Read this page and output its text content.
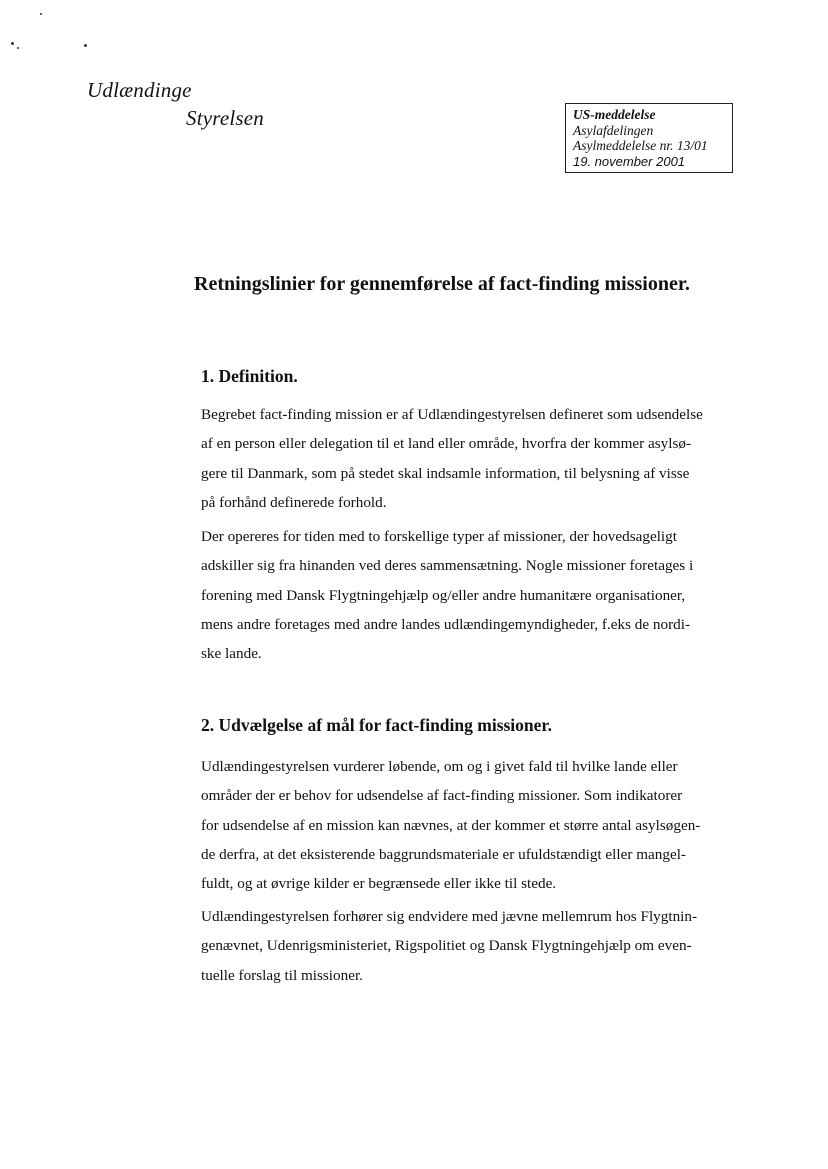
Udlændinge
Styrelsen	US-meddelelse
Asylafdelingen
Asylmeddelelse nr. 13/01
19. november 2001
Retningslinier for gennemførelse af fact-finding missioner.
1. Definition.

Begrebet fact-finding mission er af Udlændingestyrelsen defineret som udsendelse
af en person eller delegation til et land eller område, hvorfra der kommer asylsø-
gere til Danmark, som på stedet skal indsamle information, til belysning af visse
på forhånd definerede forhold.

Der opereres for tiden med to forskellige typer af missioner, der hovedsageligt
adskiller sig fra hinanden ved deres sammensætning. Nogle missioner foretages i
forening med Dansk Flygtningehjælp og/eller andre humanitære organisationer,
mens andre foretages med andre landes udlændingemyndigheder, f.eks de nordi-
ske lande.

2. Udvælgelse af mål for fact-finding missioner.

Udlændingestyrelsen vurderer løbende, om og i givet fald til hvilke lande eller
områder der er behov for udsendelse af fact-finding missioner. Som indikatorer
for udsendelse af en mission kan nævnes, at der kommer et større antal asylsøgen-
de derfra, at det eksisterende baggrundsmateriale er ufuldstændigt eller mangel-
fuldt, og at øvrige kilder er begrænsede eller ikke til stede.

Udlændingestyrelsen forhører sig endvidere med jævne mellemrum hos Flygtnin-
genævnet, Udenrigsministeriet, Rigspolitiet og Dansk Flygtningehjælp om even-
tuelle forslag til missioner.
